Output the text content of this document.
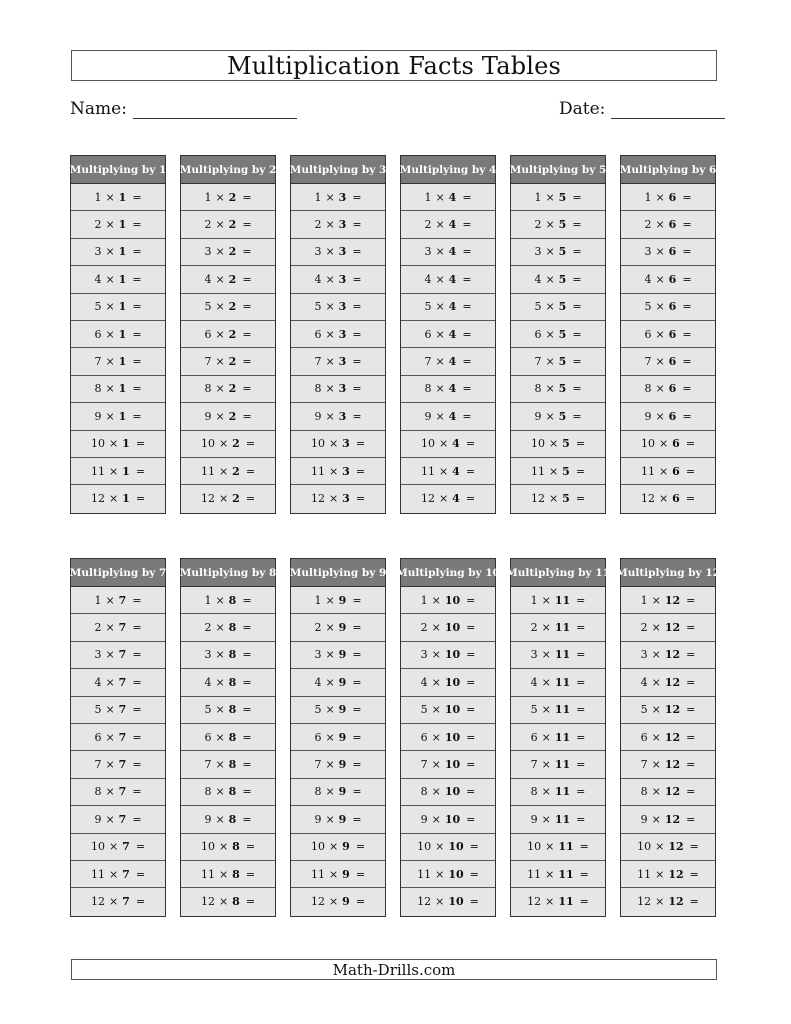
Multiplication Facts Tables
Name:	Date:
Multiplying by 1
1 × 1 =
2 × 1 =
3 × 1 =
4 × 1 =
5 × 1 =
6 × 1 =
7 × 1 =
8 × 1 =
9 × 1 =
10 × 1 =
11 × 1 =
12 × 1 =
Multiplying by 2
1 × 2 =
2 × 2 =
3 × 2 =
4 × 2 =
5 × 2 =
6 × 2 =
7 × 2 =
8 × 2 =
9 × 2 =
10 × 2 =
11 × 2 =
12 × 2 =
Multiplying by 3
1 × 3 =
2 × 3 =
3 × 3 =
4 × 3 =
5 × 3 =
6 × 3 =
7 × 3 =
8 × 3 =
9 × 3 =
10 × 3 =
11 × 3 =
12 × 3 =
Multiplying by 4
1 × 4 =
2 × 4 =
3 × 4 =
4 × 4 =
5 × 4 =
6 × 4 =
7 × 4 =
8 × 4 =
9 × 4 =
10 × 4 =
11 × 4 =
12 × 4 =
Multiplying by 5
1 × 5 =
2 × 5 =
3 × 5 =
4 × 5 =
5 × 5 =
6 × 5 =
7 × 5 =
8 × 5 =
9 × 5 =
10 × 5 =
11 × 5 =
12 × 5 =
Multiplying by 6
1 × 6 =
2 × 6 =
3 × 6 =
4 × 6 =
5 × 6 =
6 × 6 =
7 × 6 =
8 × 6 =
9 × 6 =
10 × 6 =
11 × 6 =
12 × 6 =
Multiplying by 7
1 × 7 =
2 × 7 =
3 × 7 =
4 × 7 =
5 × 7 =
6 × 7 =
7 × 7 =
8 × 7 =
9 × 7 =
10 × 7 =
11 × 7 =
12 × 7 =
Multiplying by 8
1 × 8 =
2 × 8 =
3 × 8 =
4 × 8 =
5 × 8 =
6 × 8 =
7 × 8 =
8 × 8 =
9 × 8 =
10 × 8 =
11 × 8 =
12 × 8 =
Multiplying by 9
1 × 9 =
2 × 9 =
3 × 9 =
4 × 9 =
5 × 9 =
6 × 9 =
7 × 9 =
8 × 9 =
9 × 9 =
10 × 9 =
11 × 9 =
12 × 9 =
Multiplying by 10
1 × 10 =
2 × 10 =
3 × 10 =
4 × 10 =
5 × 10 =
6 × 10 =
7 × 10 =
8 × 10 =
9 × 10 =
10 × 10 =
11 × 10 =
12 × 10 =
Multiplying by 11
1 × 11 =
2 × 11 =
3 × 11 =
4 × 11 =
5 × 11 =
6 × 11 =
7 × 11 =
8 × 11 =
9 × 11 =
10 × 11 =
11 × 11 =
12 × 11 =
Multiplying by 12
1 × 12 =
2 × 12 =
3 × 12 =
4 × 12 =
5 × 12 =
6 × 12 =
7 × 12 =
8 × 12 =
9 × 12 =
10 × 12 =
11 × 12 =
12 × 12 =
Math-Drills.com
